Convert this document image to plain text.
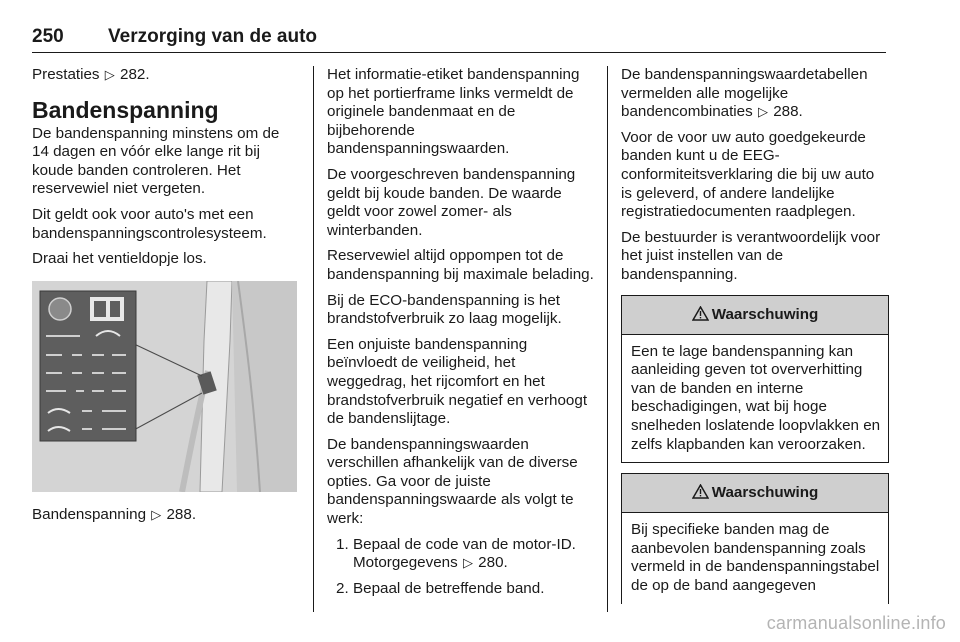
250 Verzorging van de auto

Prestaties ▷ 282.

Bandenspanning

De bandenspanning minstens om de 14 dagen en vóór elke lange rit bij koude banden controleren. Het reservewiel niet vergeten.

Dit geldt ook voor auto's met een bandenspanningscontrolesysteem.

Draai het ventieldopje los.

Bandenspanning ▷ 288.

Het informatie-etiket bandenspanning op het portierframe links vermeldt de originele bandenmaat en de bijbehorende bandenspanningswaarden.

De voorgeschreven bandenspanning geldt bij koude banden. De waarde geldt voor zowel zomer- als winterbanden.

Reservewiel altijd oppompen tot de bandenspanning bij maximale belading.

Bij de ECO-bandenspanning is het brandstofverbruik zo laag mogelijk.

Een onjuiste bandenspanning beïnvloedt de veiligheid, het weggedrag, het rijcomfort en het brandstofverbruik negatief en verhoogt de bandenslijtage.

De bandenspanningswaarden verschillen afhankelijk van de diverse opties. Ga voor de juiste bandenspanningswaarde als volgt te werk:

1. Bepaal de code van de motor-ID. Motorgegevens ▷ 280.
2. Bepaal de betreffende band.

De bandenspanningswaardetabellen vermelden alle mogelijke bandencombinaties ▷ 288.

Voor de voor uw auto goedgekeurde banden kunt u de EEG-conformiteitsverklaring die bij uw auto is geleverd, of andere landelijke registratiedocumenten raadplegen.

De bestuurder is verantwoordelijk voor het juist instellen van de bandenspanning.

Waarschuwing

Een te lage bandenspanning kan aanleiding geven tot oververhitting van de banden en interne beschadigingen, wat bij hoge snelheden loslatende loopvlakken en zelfs klapbanden kan veroorzaken.

Waarschuwing

Bij specifieke banden mag de aanbevolen bandenspanning zoals vermeld in de bandenspanningstabel de op de band aangegeven

carmanualsonline.info
